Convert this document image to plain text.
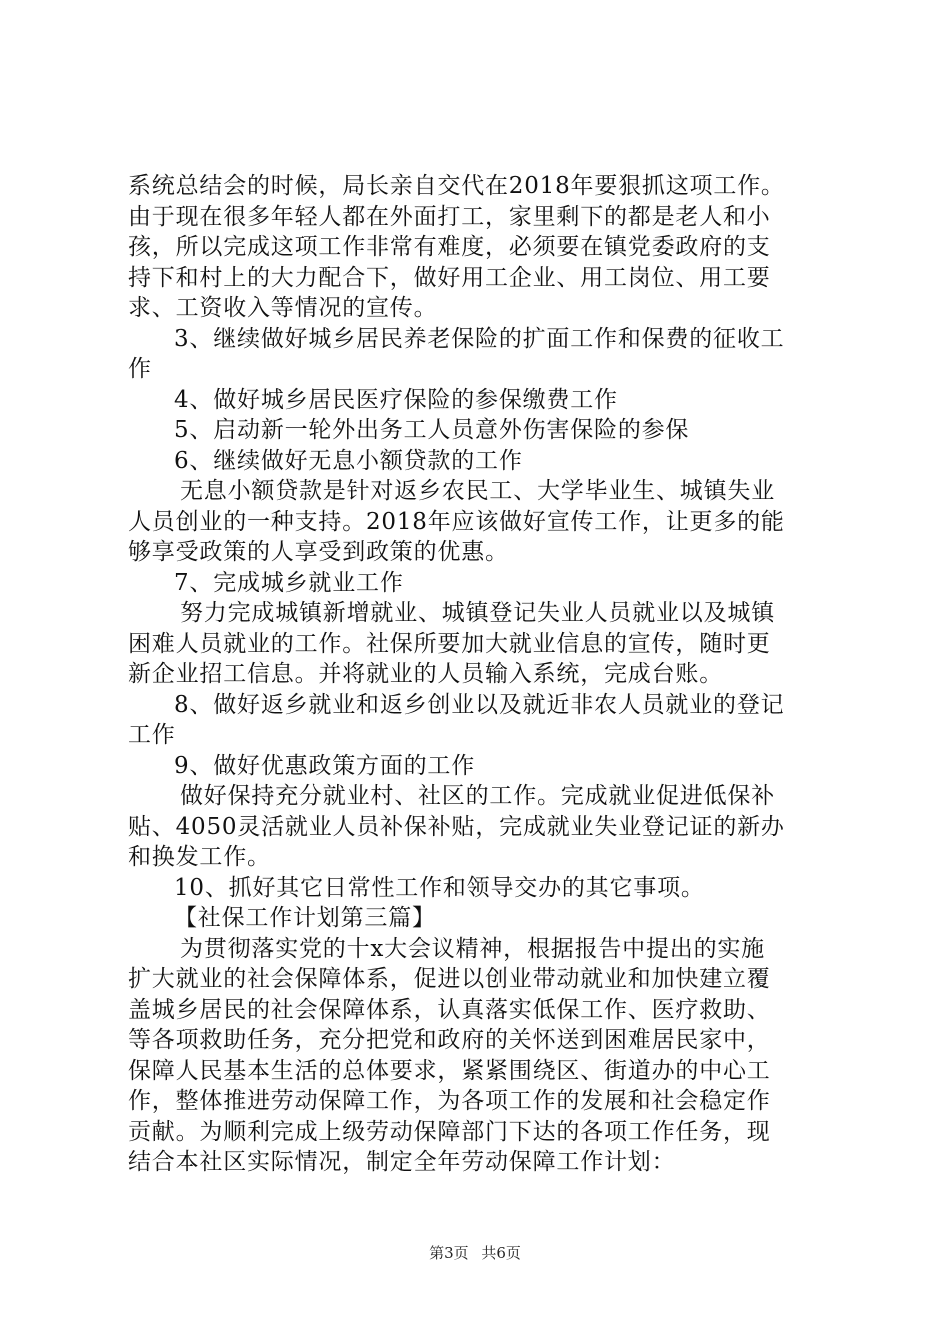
系统总结会的时候，局长亲自交代在2018年要狠抓这项工作。
由于现在很多年轻人都在外面打工，家里剩下的都是老人和小
孩，所以完成这项工作非常有难度，必须要在镇党委政府的支
持下和村上的大力配合下，做好用工企业、用工岗位、用工要
求、工资收入等情况的宣传。
3、继续做好城乡居民养老保险的扩面工作和保费的征收工
作
4、做好城乡居民医疗保险的参保缴费工作
5、启动新一轮外出务工人员意外伤害保险的参保
6、继续做好无息小额贷款的工作
无息小额贷款是针对返乡农民工、大学毕业生、城镇失业
人员创业的一种支持。2018年应该做好宣传工作，让更多的能
够享受政策的人享受到政策的优惠。
7、完成城乡就业工作
努力完成城镇新增就业、城镇登记失业人员就业以及城镇
困难人员就业的工作。社保所要加大就业信息的宣传，随时更
新企业招工信息。并将就业的人员输入系统，完成台账。
8、做好返乡就业和返乡创业以及就近非农人员就业的登记
工作
9、做好优惠政策方面的工作
做好保持充分就业村、社区的工作。完成就业促进低保补
贴、4050灵活就业人员补保补贴，完成就业失业登记证的新办
和换发工作。
10、抓好其它日常性工作和领导交办的其它事项。
【社保工作计划第三篇】
为贯彻落实党的十x大会议精神，根据报告中提出的实施
扩大就业的社会保障体系，促进以创业带动就业和加快建立覆
盖城乡居民的社会保障体系，认真落实低保工作、医疗救助、
等各项救助任务，充分把党和政府的关怀送到困难居民家中，
保障人民基本生活的总体要求，紧紧围绕区、街道办的中心工
作，整体推进劳动保障工作，为各项工作的发展和社会稳定作
贡献。为顺利完成上级劳动保障部门下达的各项工作任务，现
结合本社区实际情况，制定全年劳动保障工作计划：
第3页 共6页
